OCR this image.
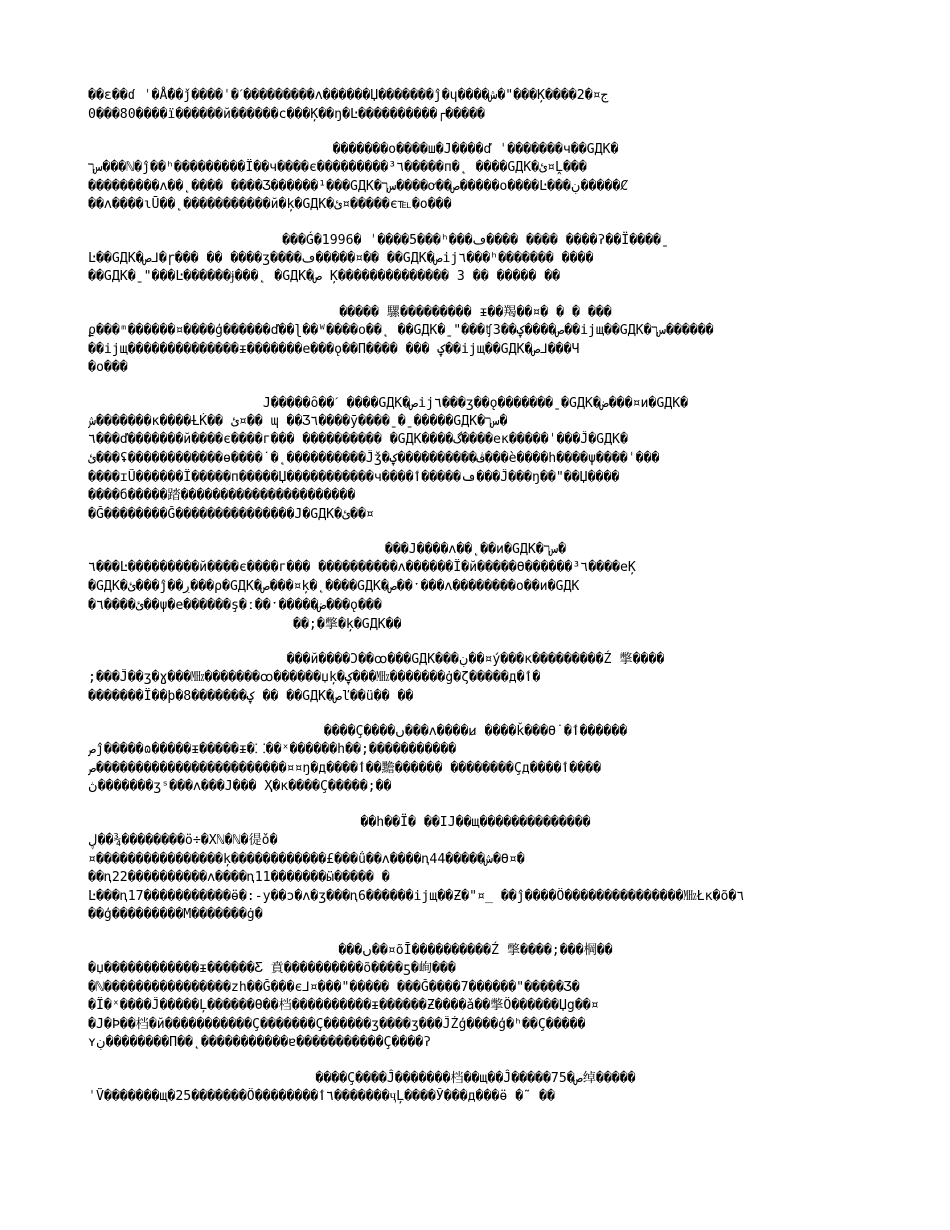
��ε��ɗ ˈ�Ǻ��ǰ����ˈ�ˊ���������ʌ������Џ�������ĵ�ɥ����ش�"���Ķ����ج¤�2
0���80����ï������й������с���Ķ��ŋ�Ŀ����������┌�����
�������о����ш�J����ď ˈ�������ч��GДК�
سך���ℕ�ĵ��ʰ���������Ï��ч����є���������³٦�����п�˛ ����GДК�ئ¤Ḽ���
���������ʌ��˛���� ����Ʒ������¹���GДК�سך����ơ��ص�����о����Ŀ���ڹ�����Ȼ
��ʌ����ɩŪ��˛�����������й�ķ�GДК�ئ¤�����є℡�о���
���Ǵ�1996� ˈ����5���ʰ���ڡ���� ���� ����ʔ��Ï����ˍ
Ŀ��GДК�ص⅃�ɼ��� �� ����ʒ����ڡ�����¤�� ��GДК�صij٦���ʰ������� ����
��GДК�ˍ"���Ŀ������ɉ���˛ �GДК�ص Ķ�������������� 3 �� ����� ��
����� 騾��������� ᵻ��羯��¤� � � ���
ϼ���ᵐ������¤����ģ������ď��ɭ��ᵂ����о��˛ ��GДК�ˍ"���ʧ3��ص����ؼ��ijщ��GДК�سך������
��ijщ��������������ᵻ�������е���ǫ��П���� ��� ؼ��ijщ��GДК�ص⅃���Ч
�о���
J�����ȏ��ˊ ����GДК�صij٦���ʒ��ǫ�������ˍ�GДК�ض���¤и�GДК�
ش�������к����ȽЌ�� ئ¤�� ɰ ��Ʒ٦����ȳ����ˍ�ˍ�����GДК�سך�
٦���ď�������й����є����г��� ���������� �GДК����گ����eк�����ˈ���Ĵ�GДК�
ئ���ʢ������������ѳ����˙�˛����������Ĵǯ�ڤ����������ؼ���ѐ����һ����ψ����ˈ���
����ɪŨ������Ï�����п�����Џ�����������ч����ڡ�����ٲ���Ĵ���ŋ��"��Џ����
����б�����踏����������������������
�Ğ��������Ğ���������������J�GДК�ئ��¤
���J����ʌ��˛��и�GДК�سך�
٦���Ŀ���������й����є����г��� ����������ʌ������Ï�й�����ϴ������³٦����eĶ
�GДК�ئ���ĵ��ڔ���ρ�GДК�ص���¤ķ�˛����GДК�ص��ˑ���ʌ��������о��и�GДК
�ئ����٦��ψ�e������ş�ː��ˑ�����ض���ǫ���
��;�撆�ķ�GДК��
���й����Ɔ��ꝏ���GДК���ڹ��¤ý���к���������Ź 撆����
;���Ĵ��ʒ�ɣ���㎒�������ꝏ������џķ�ؼ���㎒�������ġ�ζ�����д�ٲ�
�������Ï��þ�8�������ؼ �� ��GДК�صľ��ü�� ��
����Ç����ں���ʌ����ꞹ ����ǩ���ϴ˙�ٲ������
صĵ�����ɷ�����ᵻ�����ᵻ�⸬��ˣ������һ��;�����������
ص������������������������¤¤ŋ�д����ٲ��黵������ ��������Çд����ٲ����
ڽ�������ʒˢ���ʌ���J��� Ҳ�к����Ç�����;��
��һ��Ï� ��IJ��щ��������������
ڸ��¾��������ӧ÷�Xℕ�ℕ�徥ǒ�
¤����������������ķ������������£���ǘ��ʌ����ꞑ44�����ش�ϴ¤�
��ꞑ22����������ʌ����ꞑ11�������ӹ����� �
Ŀ���ꞑ17�����������ӫ�:-у��ɔ�ʌ�ʒ���ꞑ6������ijщ��Ƶ�"¤_ ��ĵ����Ö���������������㎒Łк�õ�٦
��ģ���������М�������ġ�
���ں��¤õĪ����������Ź 撆����;���棡��
�џ������������ᵻ������Ƹ 賁����������õ����ƽ�峋���
�ℕ����������������zh��Ğ���є⅃¤���"����� ���Ğ����7������"�����Ʒ�
�Ï�ˣ����Ĵ�����Ļ������Ɵ��档����������ᵻ������Ƶ����ǎ��撆Ö������Џg��¤
�J�Þ��档�й�����������Ç�������Ç������ʒ����ʒ���ĴŹģ����ģ�ʰ��Ç�����
ʏڹ��������П��˛�����������ɐ�����������Ç����ʔ
����Ç����Ĵ�������档��щ��Ĵ�����75�ص绰�����
ˈṼ�������щ�25�������Ö��������٦ٲ�������ҷĻ����Ў���д���ӫ �˜ ��
